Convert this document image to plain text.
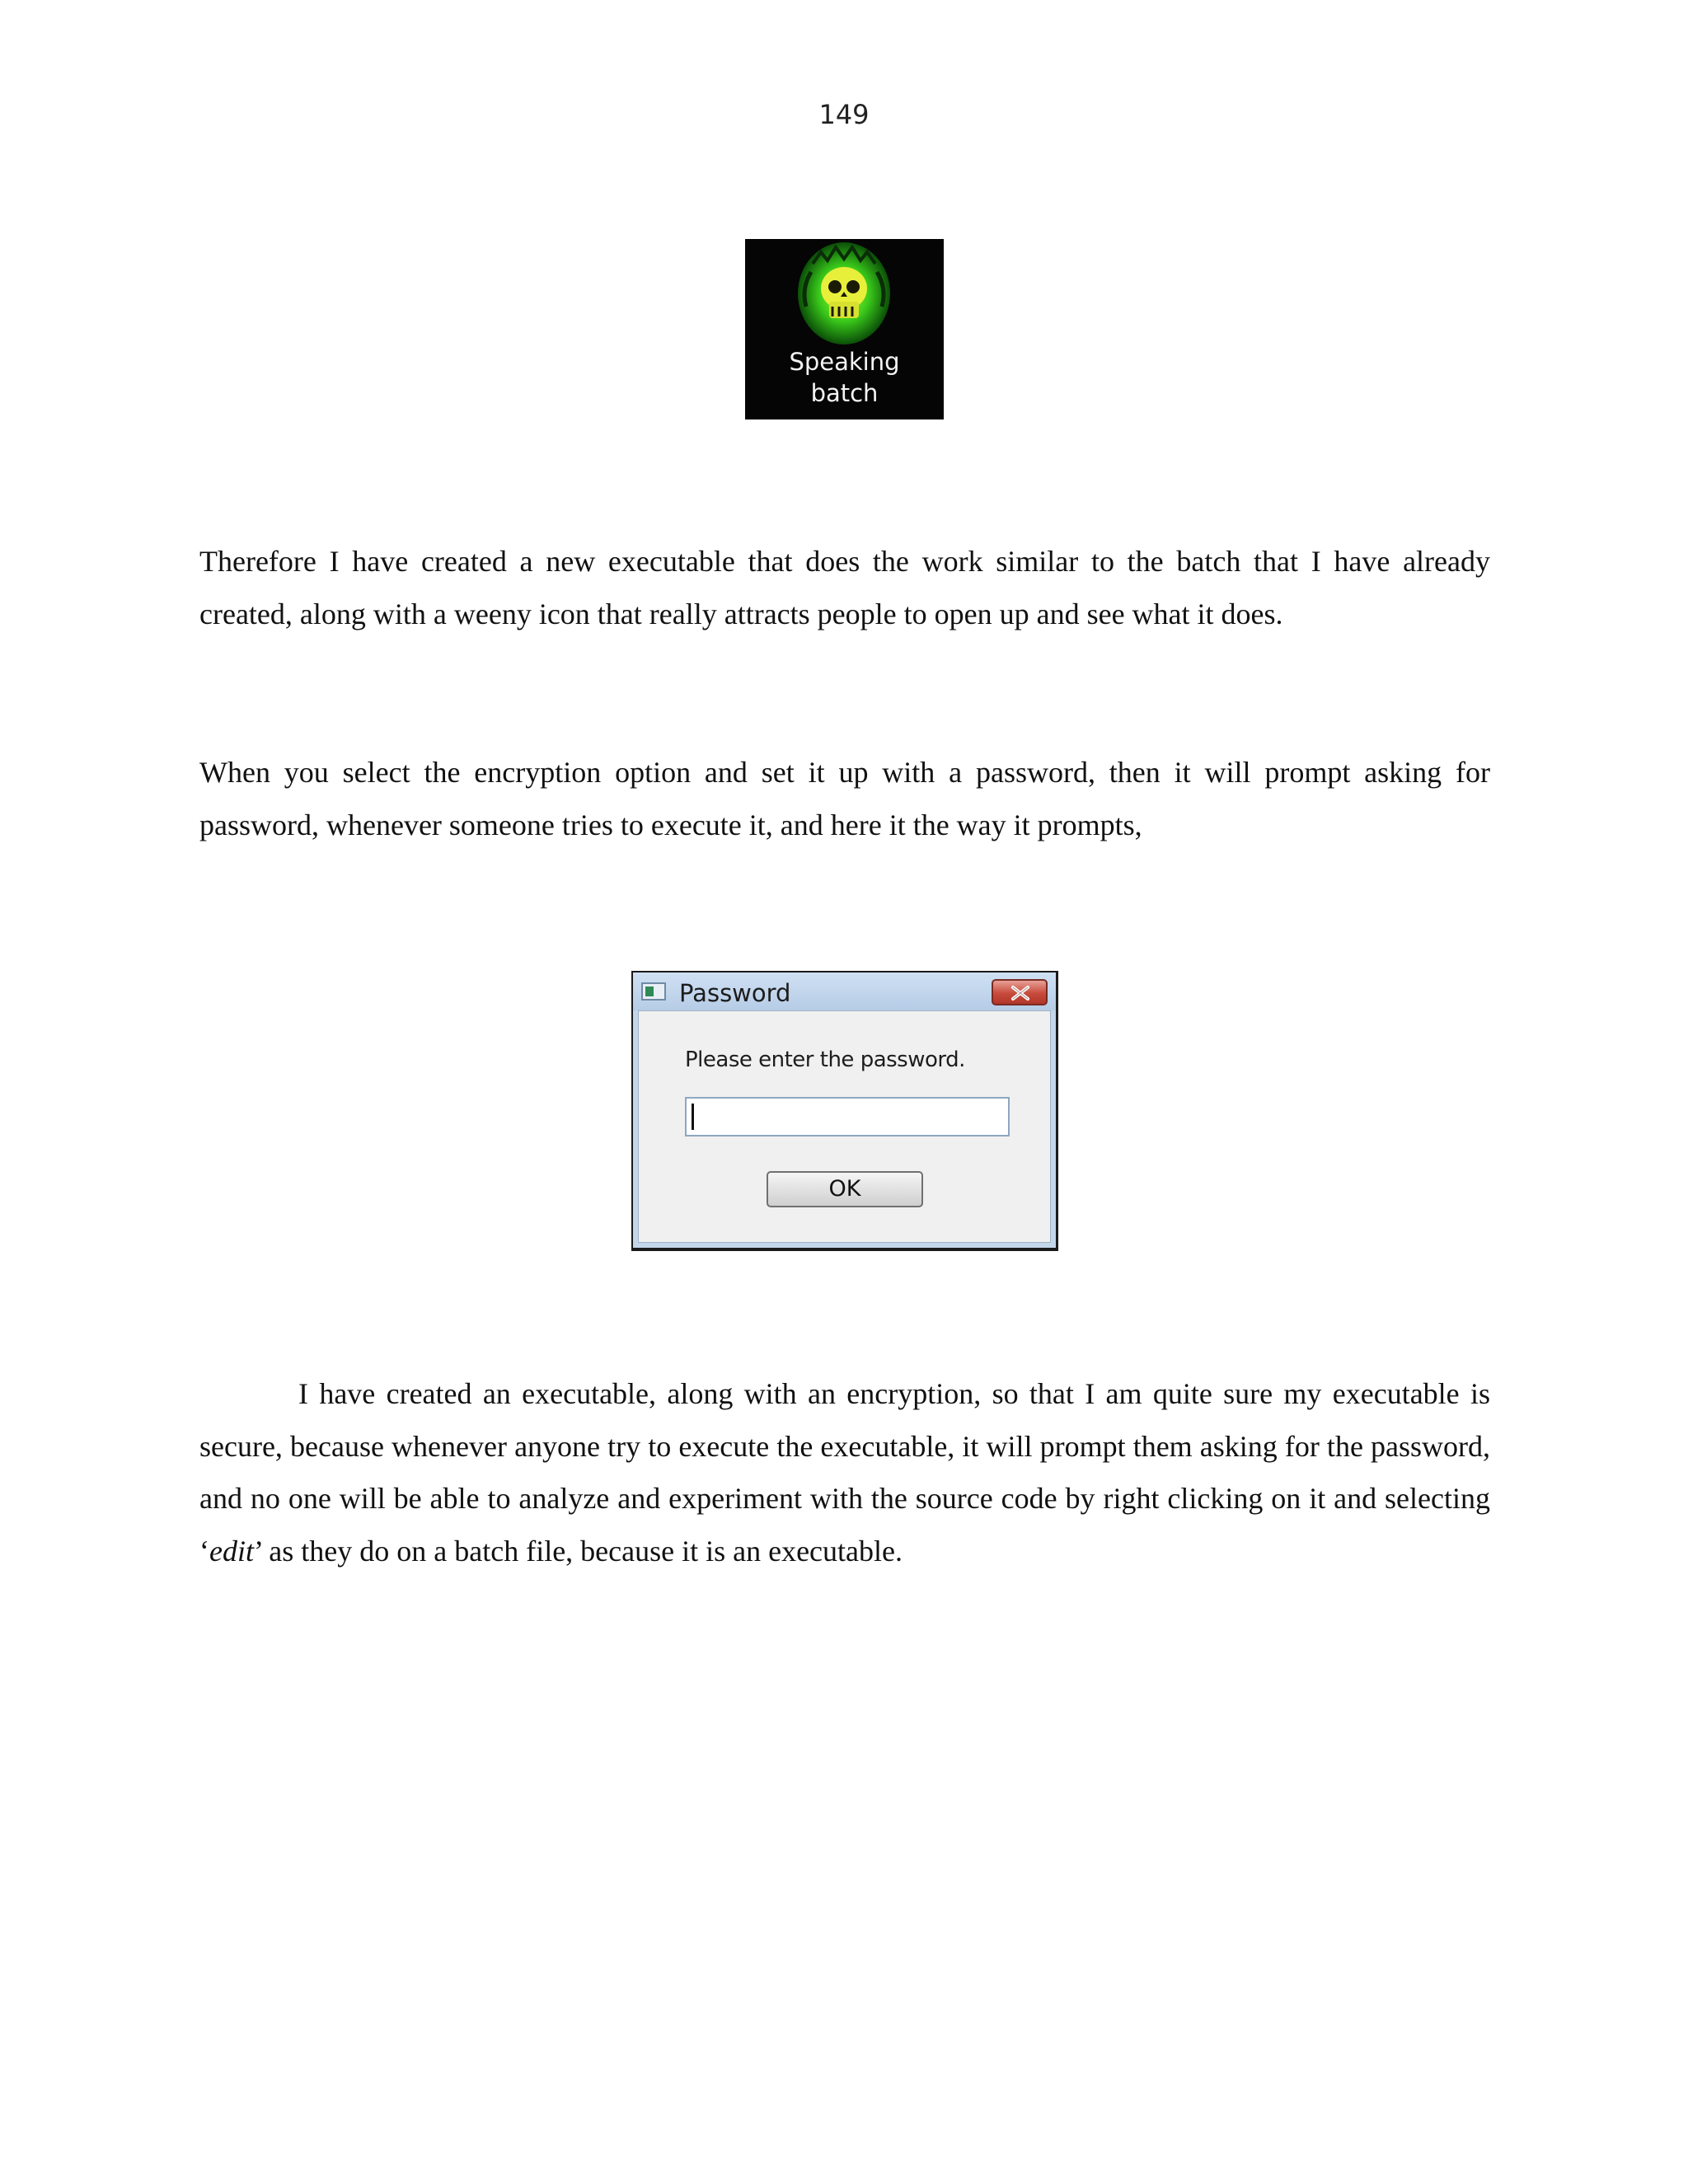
149
Speaking
batch
Therefore I have created a new executable that does the work similar to the batch that I have already
created, along with a weeny icon that really attracts people to open up and see what it does.
When you select the encryption option and set it up with a password, then it will prompt asking for
password, whenever someone tries to execute it, and here it the way it prompts,
Password
Please enter the password.
OK

I have created an executable, along with an encryption, so that I am quite sure my executable is secure, because whenever anyone try to execute the executable, it will prompt them asking for the password, and no one will be able to analyze and experiment with the source code by right clicking on it and selecting ‘edit’ as they do on a batch file, because it is an executable.
